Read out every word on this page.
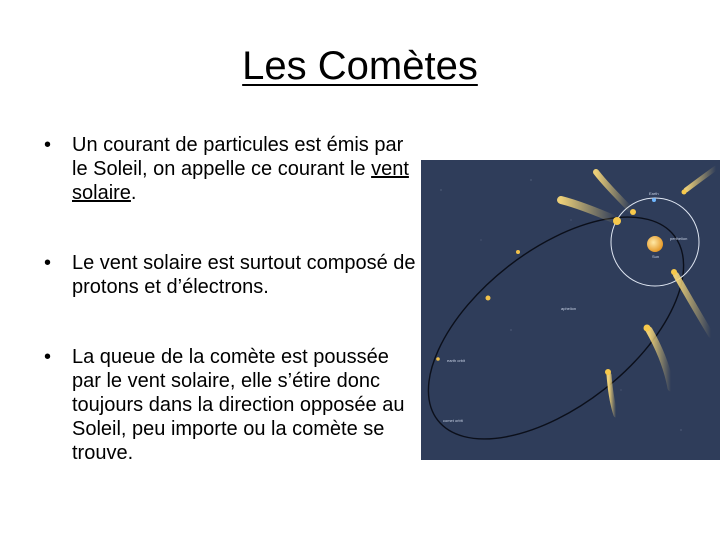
Les Comètes
• Un courant de particules est émis par le Soleil, on appelle ce courant le vent solaire.
• Le vent solaire est surtout composé de protons et d’électrons.
• La queue de la comète est poussée par le vent solaire, elle s’étire donc toujours dans la direction opposée au Soleil, peu importe ou la comète se trouve.
Earth
perihelion
Sun
earth orbit
comet orbit
aphelion
